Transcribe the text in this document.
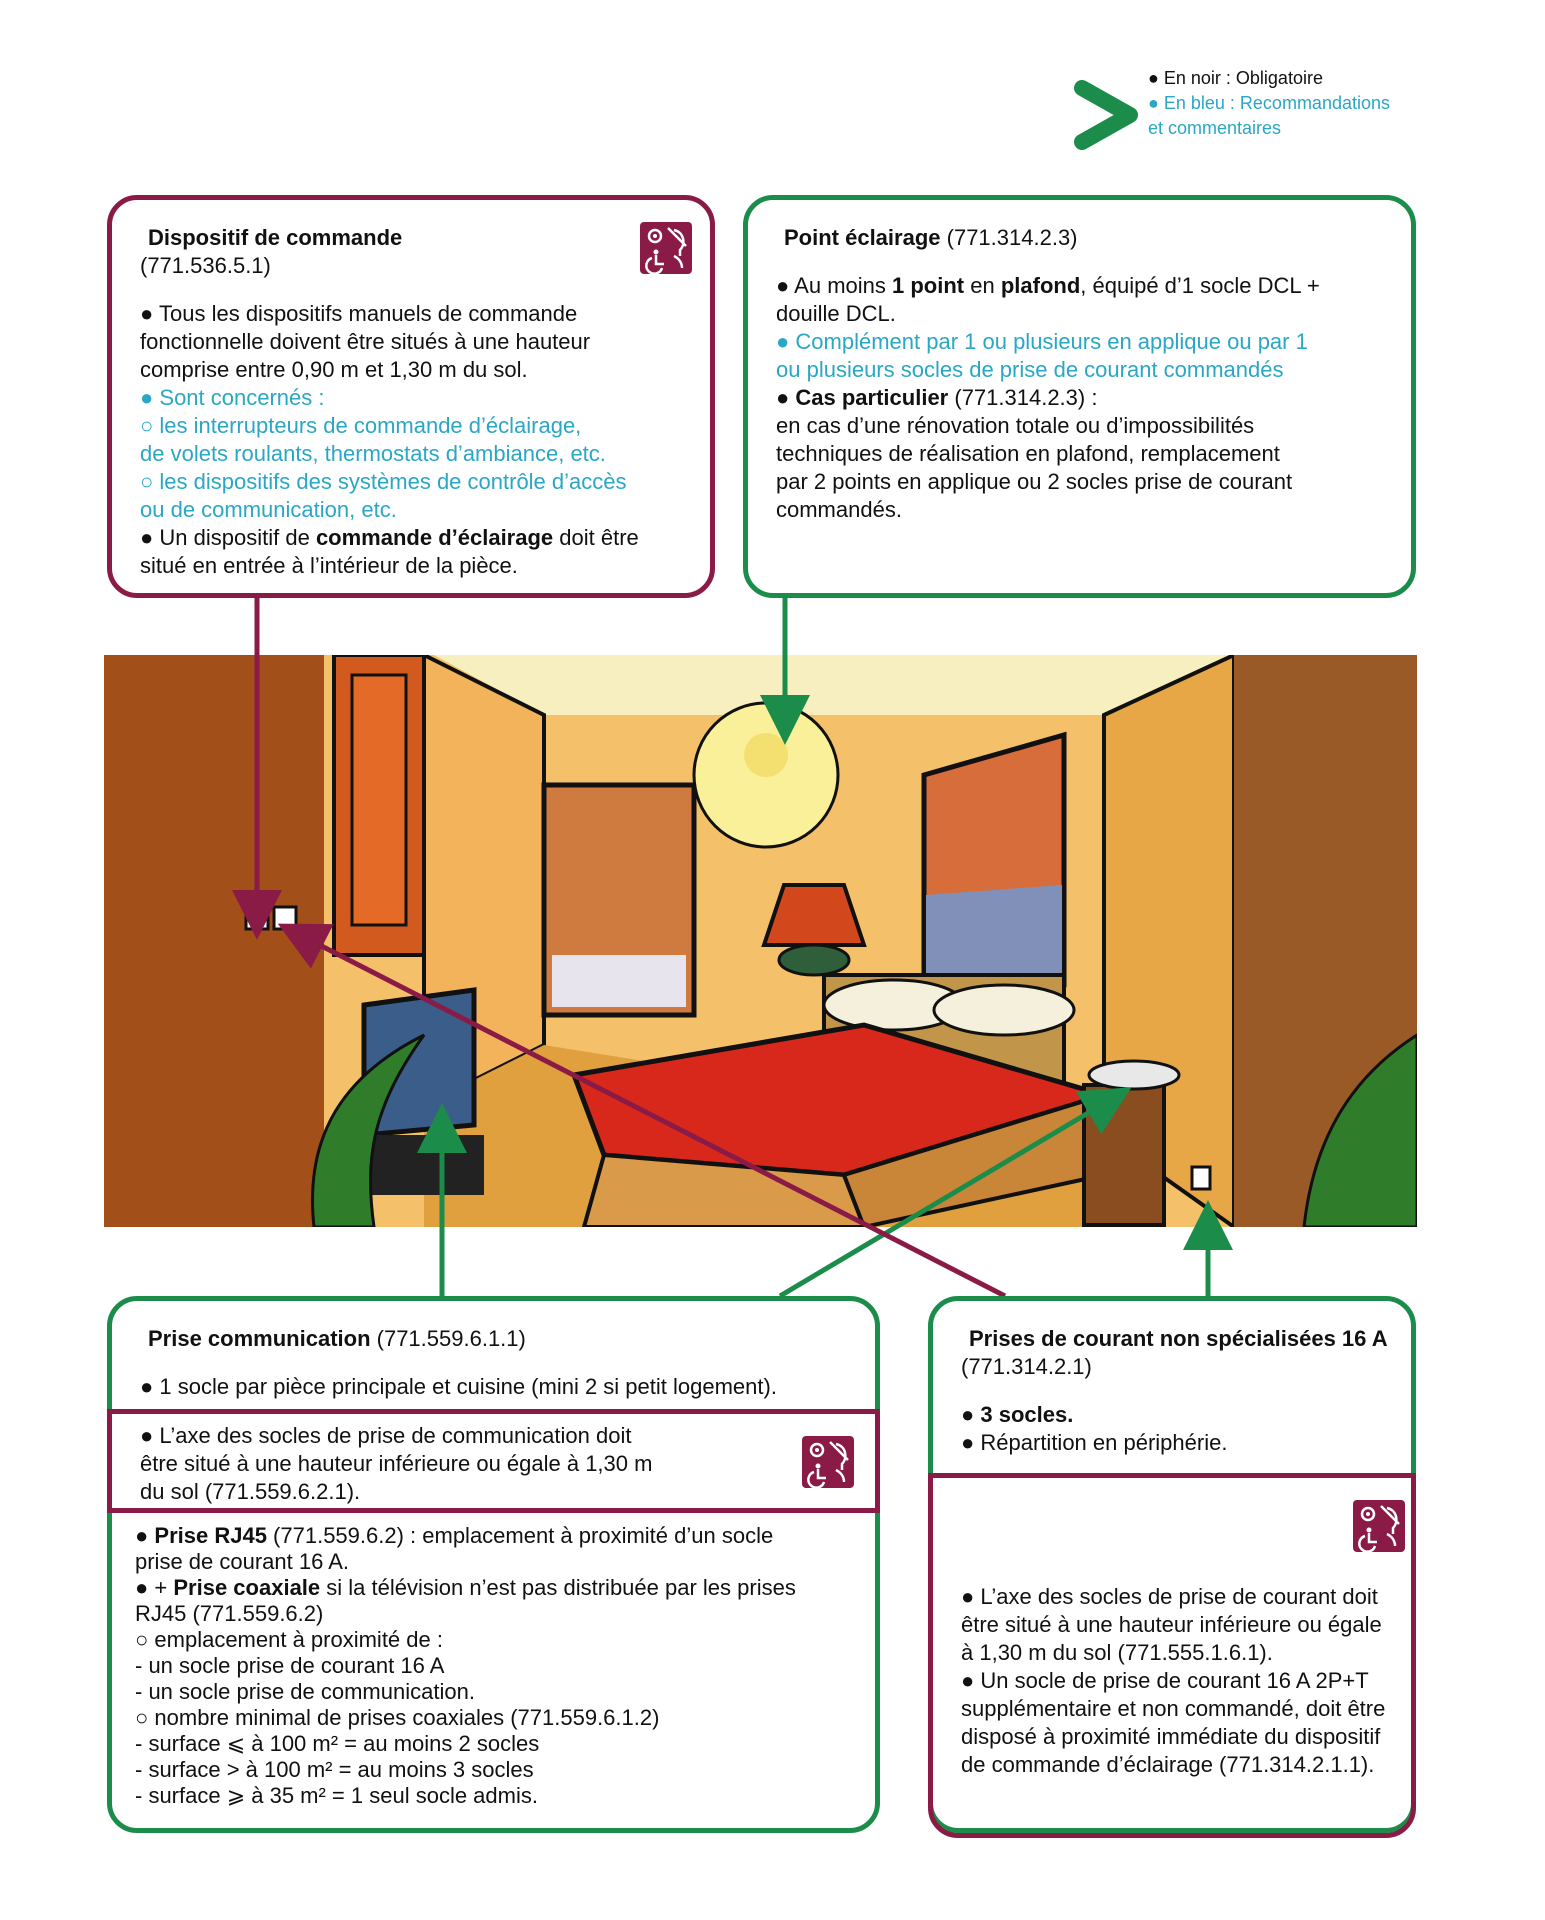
● En noir : Obligatoire
● En bleu : Recommandations
et commentaires

Dispositif de commande

(771.536.5.1)

● Tous les dispositifs manuels de commande

fonctionnelle doivent être situés à une hauteur

comprise entre 0,90 m et 1,30 m du sol.

● Sont concernés :

○ les interrupteurs de commande d’éclairage,

de volets roulants, thermostats d’ambiance, etc.

○ les dispositifs des systèmes de contrôle d’accès

ou de communication, etc.

● Un dispositif de commande d’éclairage doit être

situé en entrée à l’intérieur de la pièce.

Point éclairage (771.314.2.3)

● Au moins 1 point en plafond, équipé d’1 socle DCL +

douille DCL.

● Complément par 1 ou plusieurs en applique ou par 1

ou plusieurs socles de prise de courant commandés

● Cas particulier (771.314.2.3) :

en cas d’une rénovation totale ou d’impossibilités

techniques de réalisation en plafond, remplacement

par 2 points en applique ou 2 socles prise de courant

commandés.

Prise communication (771.559.6.1.1)

● 1 socle par pièce principale et cuisine (mini 2 si petit logement).

● L’axe des socles de prise de communication doit

être situé à une hauteur inférieure ou égale à 1,30 m

du sol (771.559.6.2.1).

● Prise RJ45 (771.559.6.2) : emplacement à proximité d’un socle

prise de courant 16 A.

● + Prise coaxiale si la télévision n’est pas distribuée par les prises

RJ45 (771.559.6.2)

○ emplacement à proximité de :

- un socle prise de courant 16 A

- un socle prise de communication.

○ nombre minimal de prises coaxiales (771.559.6.1.2)

- surface ⩽ à 100 m² = au moins 2 socles

- surface > à 100 m² = au moins 3 socles

- surface ⩾ à 35 m² = 1 seul socle admis.

Prises de courant non spécialisées 16 A

(771.314.2.1)

● 3 socles.

● Répartition en périphérie.

● L’axe des socles de prise de courant doit

être situé à une hauteur inférieure ou égale

à 1,30 m du sol (771.555.1.6.1).

● Un socle de prise de courant 16 A 2P+T

supplémentaire et non commandé, doit être

disposé à proximité immédiate du dispositif

de commande d’éclairage (771.314.2.1.1).
